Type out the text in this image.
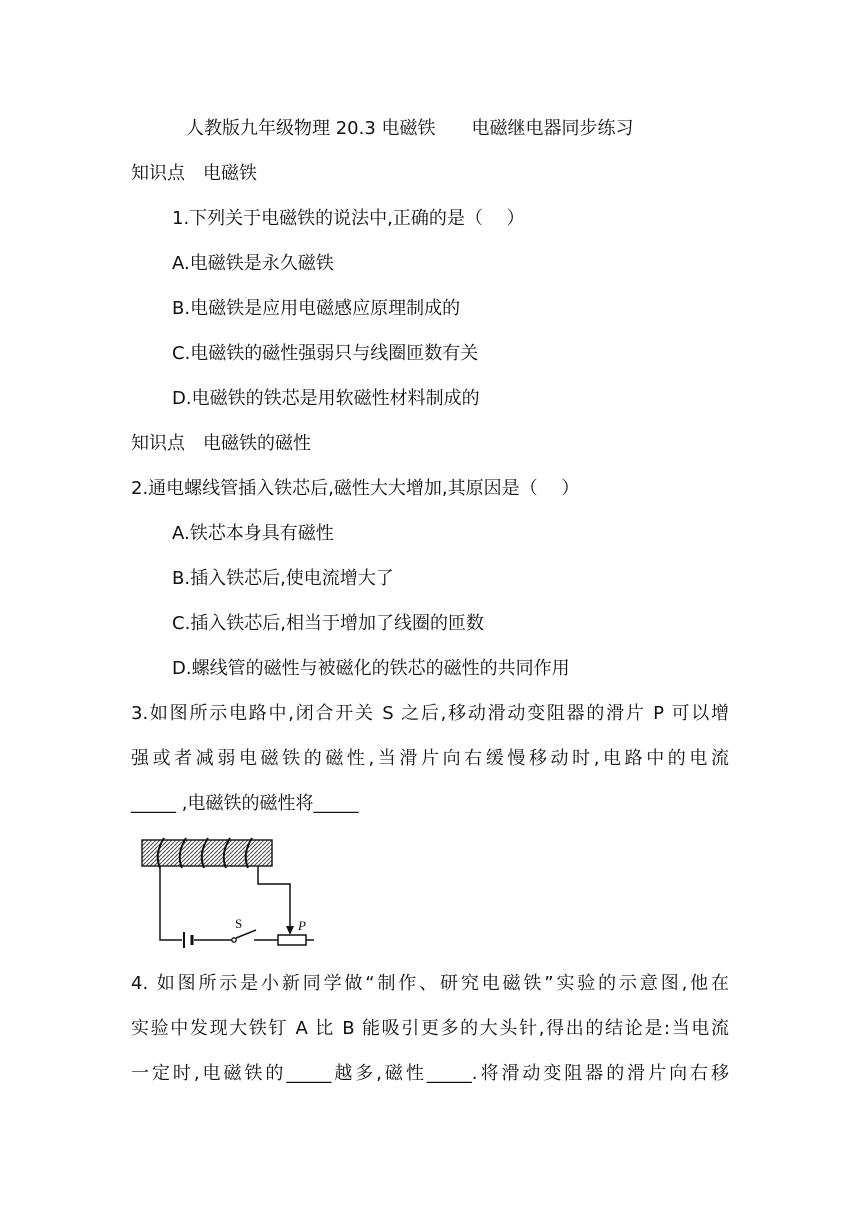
人教版九年级物理 20.3 电磁铁　　电磁继电器同步练习
知识点　电磁铁
1.下列关于电磁铁的说法中,正确的是（　 ）
A.电磁铁是永久磁铁
B.电磁铁是应用电磁感应原理制成的
C.电磁铁的磁性强弱只与线圈匝数有关
D.电磁铁的铁芯是用软磁性材料制成的
知识点　电磁铁的磁性
2.通电螺线管插入铁芯后,磁性大大增加,其原因是（　 ）
A.铁芯本身具有磁性
B.插入铁芯后,使电流增大了
C.插入铁芯后,相当于增加了线圈的匝数
D.螺线管的磁性与被磁化的铁芯的磁性的共同作用
3.如图所示电路中,闭合开关 S 之后,移动滑动变阻器的滑片 P 可以增
强或者减弱电磁铁的磁性,当滑片向右缓慢移动时,电路中的电流
_____ ,电磁铁的磁性将_____
S	P
4. 如图所示是小新同学做“制作、研究电磁铁”实验的示意图,他在
实验中发现大铁钉 A 比 B 能吸引更多的大头针,得出的结论是:当电流
一定时,电磁铁的_____越多,磁性_____.将滑动变阻器的滑片向右移
